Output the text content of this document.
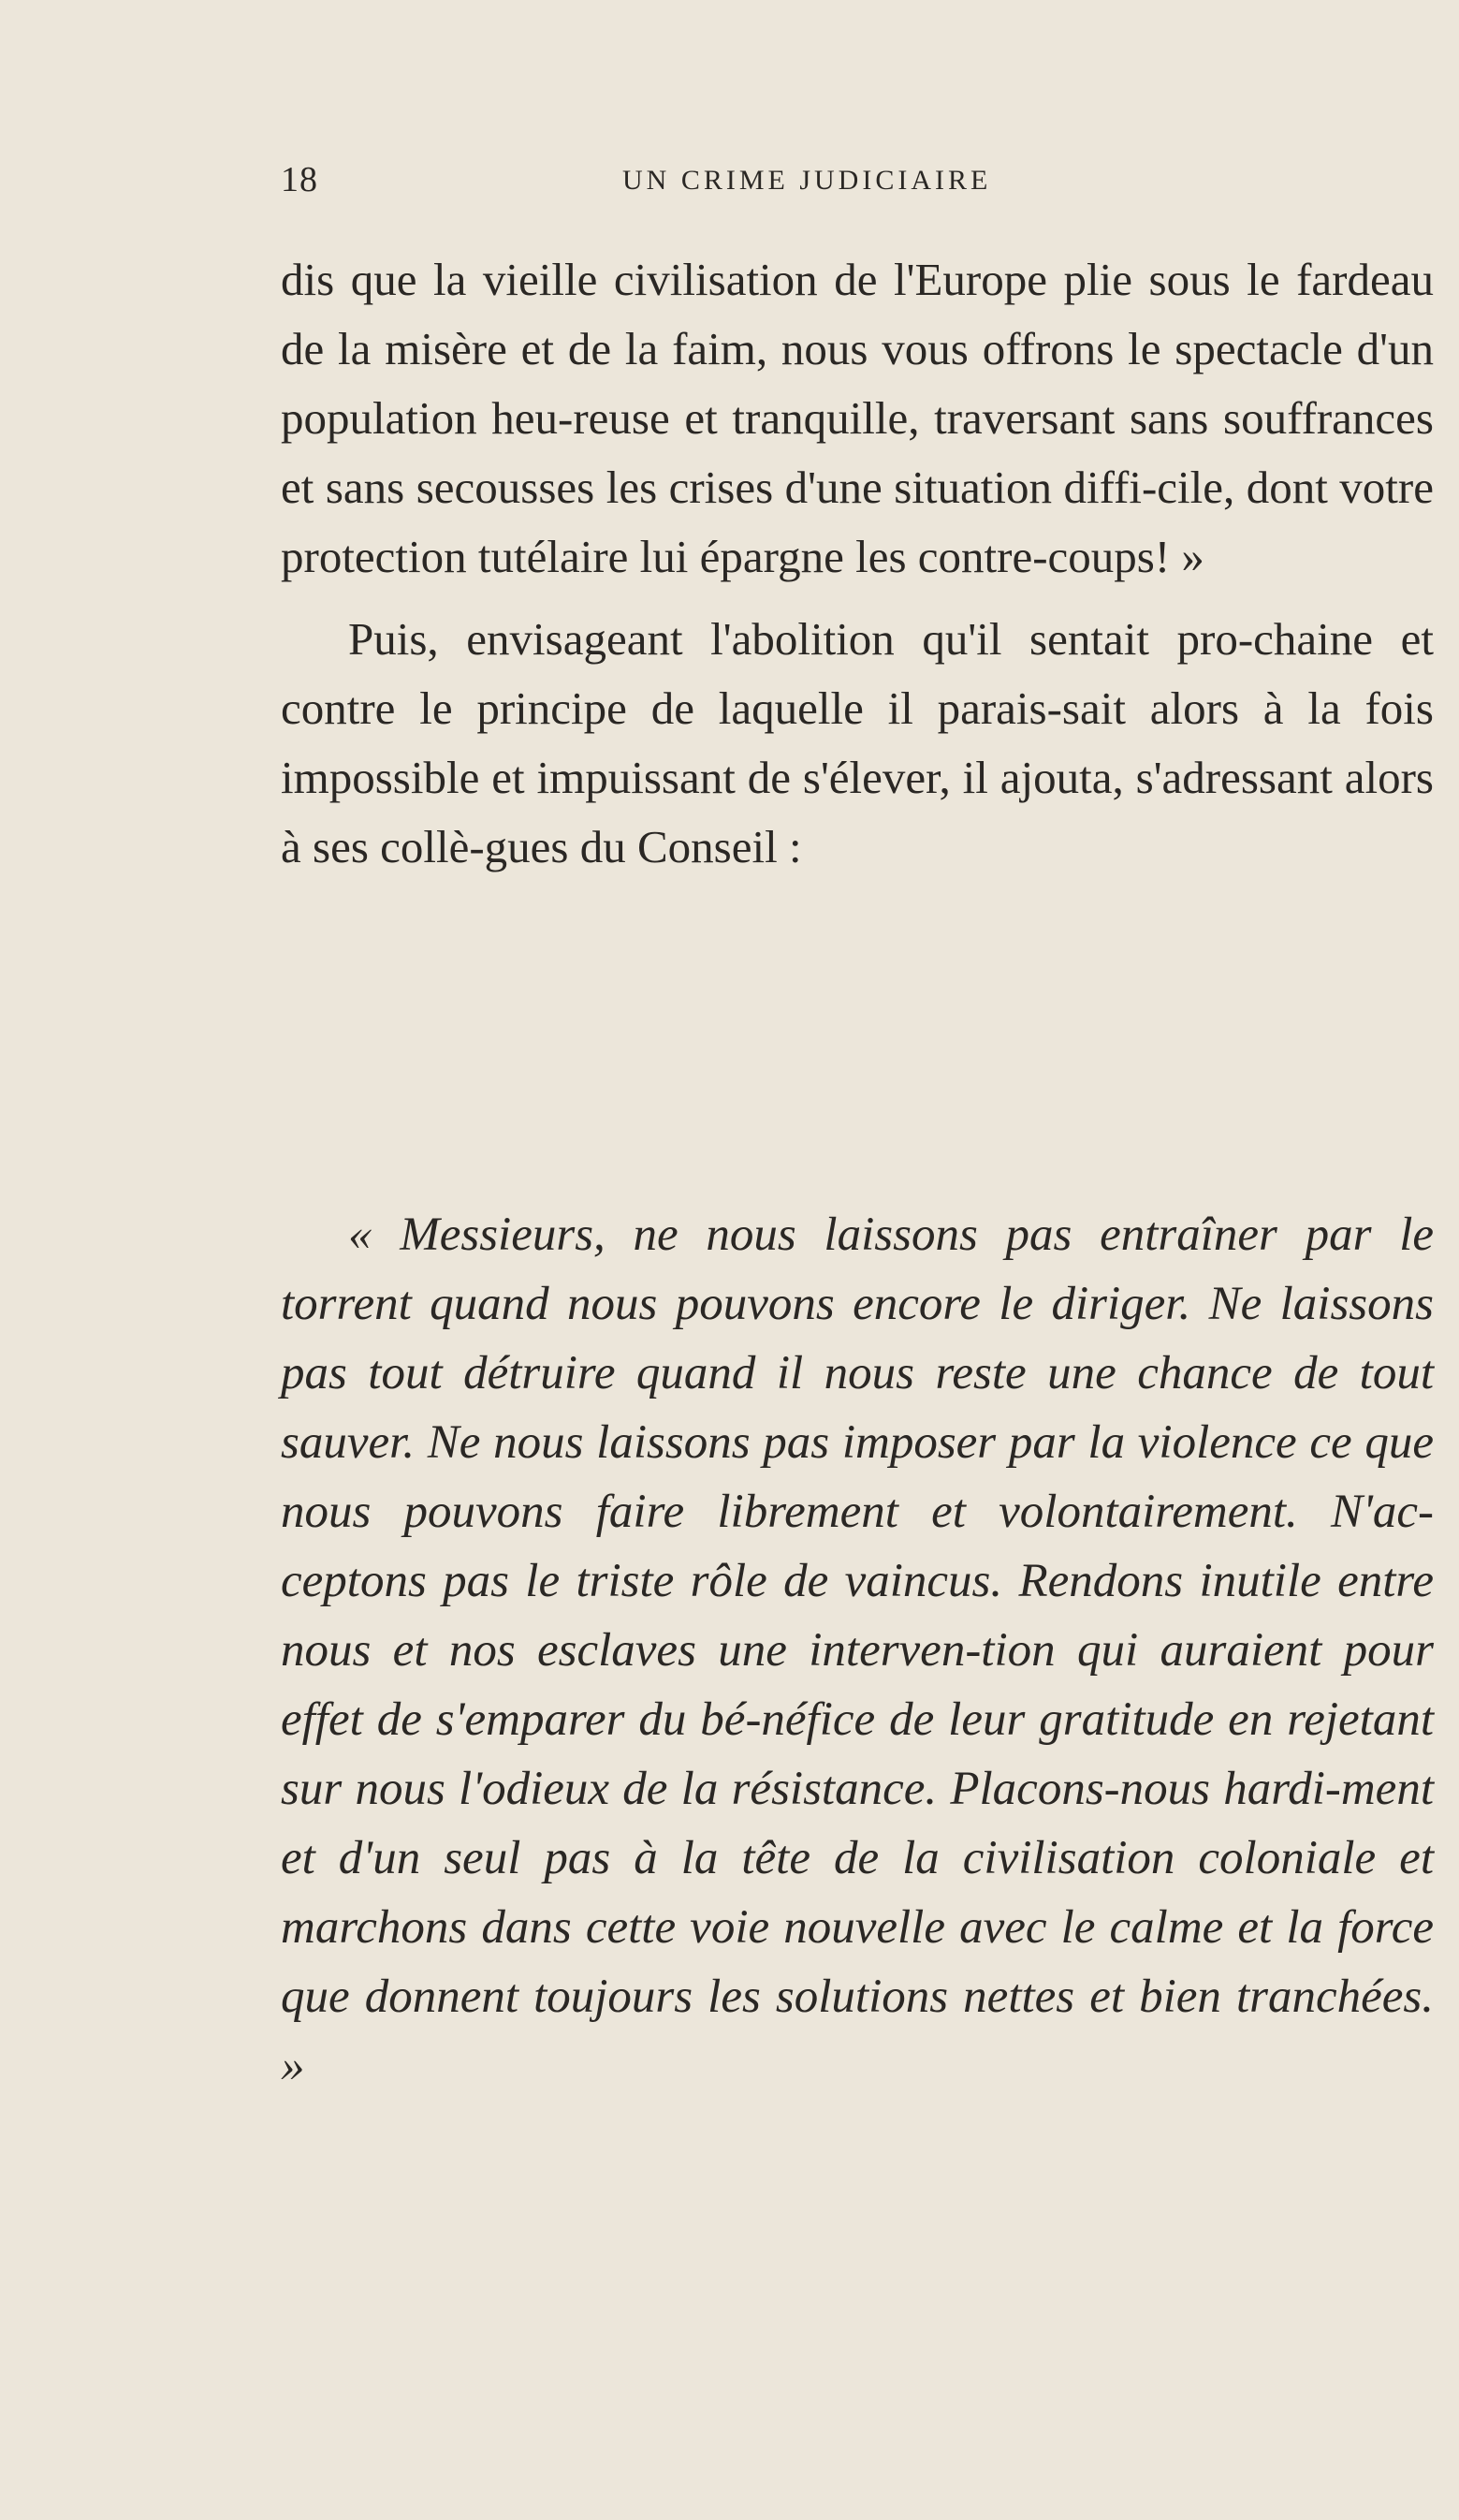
18	UN CRIME JUDICIAIRE

dis que la vieille civilisation de l'Europe plie sous le fardeau de la misère et de la faim, nous vous offrons le spectacle d'un population heu-reuse et tranquille, traversant sans souffrances et sans secousses les crises d'une situation diffi-cile, dont votre protection tutélaire lui épargne les contre-coups! »

Puis, envisageant l'abolition qu'il sentait pro-chaine et contre le principe de laquelle il parais-sait alors à la fois impossible et impuissant de s'élever, il ajouta, s'adressant alors à ses collè-gues du Conseil :

« Messieurs, ne nous laissons pas entraîner par le torrent quand nous pouvons encore le diriger. Ne laissons pas tout détruire quand il nous reste une chance de tout sauver. Ne nous laissons pas imposer par la violence ce que nous pouvons faire librement et volontairement. N'ac-ceptons pas le triste rôle de vaincus. Rendons inutile entre nous et nos esclaves une interven-tion qui auraient pour effet de s'emparer du bé-néfice de leur gratitude en rejetant sur nous l'odieux de la résistance. Placons-nous hardi-ment et d'un seul pas à la tête de la civilisation coloniale et marchons dans cette voie nouvelle avec le calme et la force que donnent toujours les solutions nettes et bien tranchées. »
